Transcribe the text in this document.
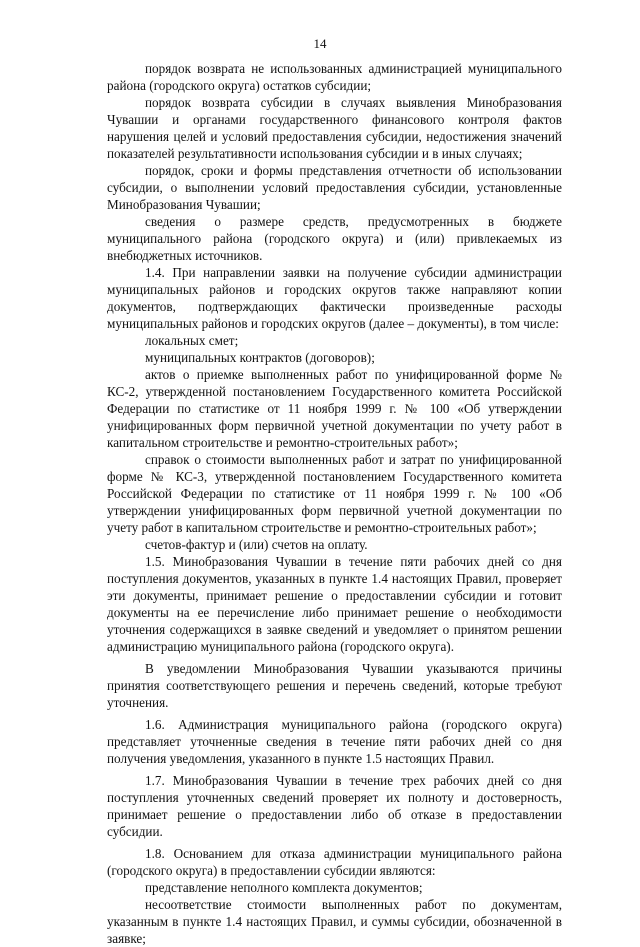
14

порядок возврата не использованных администрацией муниципального района (городского округа) остатков субсидии;

порядок возврата субсидии в случаях выявления Минобразования Чувашии и органами государственного финансового контроля фактов нарушения целей и условий предоставления субсидии, недостижения значений показателей результативности использования субсидии и в иных случаях;

порядок, сроки и формы представления отчетности об использовании субсидии, о выполнении условий предоставления субсидии, установленные Минобразования Чувашии;

сведения о размере средств, предусмотренных в бюджете муниципального района (городского округа) и (или) привлекаемых из внебюджетных источников.

1.4. При направлении заявки на получение субсидии администрации муниципальных районов и городских округов также направляют копии документов, подтверждающих фактически произведенные расходы муниципальных районов и городских округов (далее – документы), в том числе:

локальных смет;

муниципальных контрактов (договоров);

актов о приемке выполненных работ по унифицированной форме № КС-2, утвержденной постановлением Государственного комитета Российской Федерации по статистике от 11 ноября 1999 г. № 100 «Об утверждении унифицированных форм первичной учетной документации по учету работ в капитальном строительстве и ремонтно-строительных работ»;

справок о стоимости выполненных работ и затрат по унифицированной форме № КС-3, утвержденной постановлением Государственного комитета Российской Федерации по статистике от 11 ноября 1999 г. № 100 «Об утверждении унифицированных форм первичной учетной документации по учету работ в капитальном строительстве и ремонтно-строительных работ»;

счетов-фактур и (или) счетов на оплату.

1.5. Минобразования Чувашии в течение пяти рабочих дней со дня поступления документов, указанных в пункте 1.4 настоящих Правил, проверяет эти документы, принимает решение о предоставлении субсидии и готовит документы на ее перечисление либо принимает решение о необходимости уточнения содержащихся в заявке сведений и уведомляет о принятом решении администрацию муниципального района (городского округа).

В уведомлении Минобразования Чувашии указываются причины принятия соответствующего решения и перечень сведений, которые требуют уточнения.

1.6. Администрация муниципального района (городского округа) представляет уточненные сведения в течение пяти рабочих дней со дня получения уведомления, указанного в пункте 1.5 настоящих Правил.

1.7. Минобразования Чувашии в течение трех рабочих дней со дня поступления уточненных сведений проверяет их полноту и достоверность, принимает решение о предоставлении либо об отказе в предоставлении субсидии.

1.8. Основанием для отказа администрации муниципального района (городского округа) в предоставлении субсидии являются:

представление неполного комплекта документов;

несоответствие стоимости выполненных работ по документам, указанным в пункте 1.4 настоящих Правил, и суммы субсидии, обозначенной в заявке;
